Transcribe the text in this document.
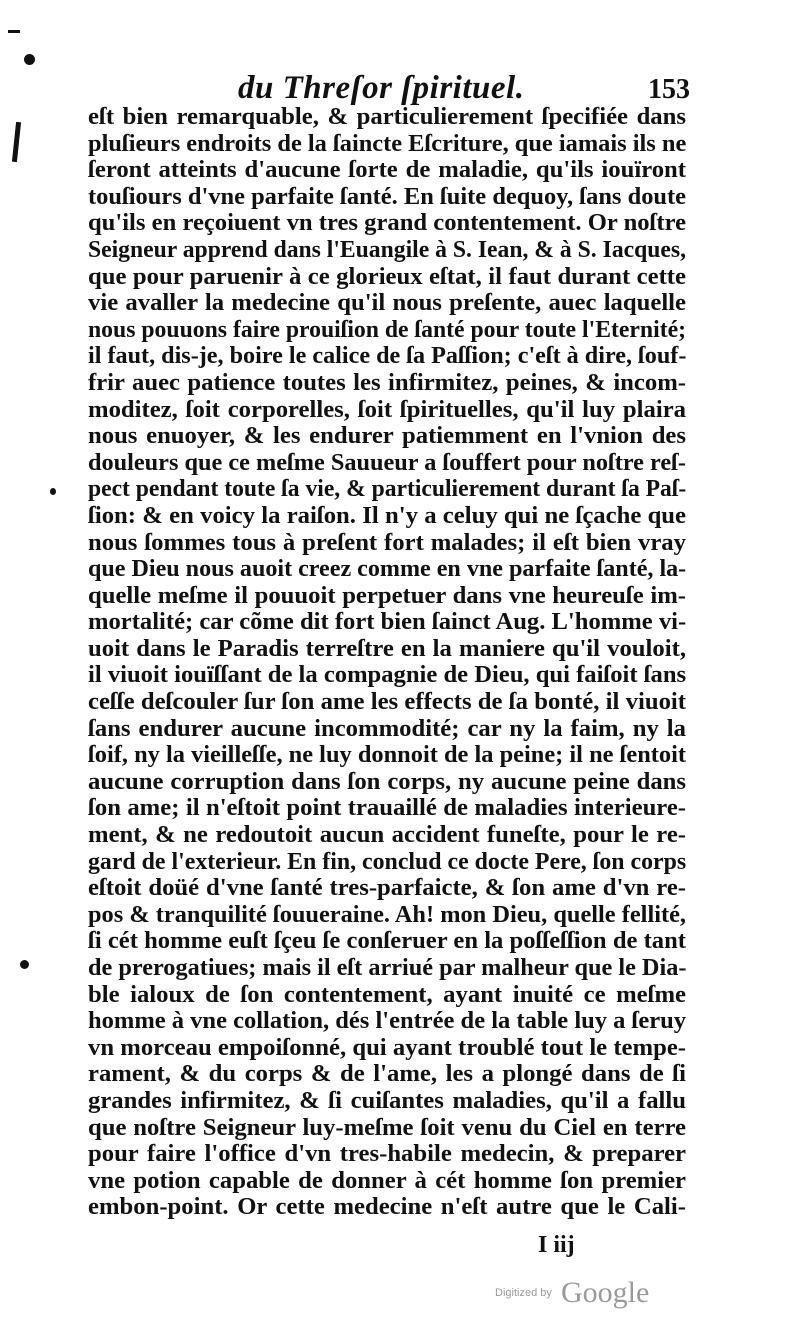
du Threſor ſpirituel.	153
eſt bien remarquable, & particulierement ſpecifiée dans
pluſieurs endroits de la ſaincte Eſcriture, que iamais ils ne
ſeront atteints d'aucune ſorte de maladie, qu'ils iouïront
touſiours d'vne parfaite ſanté. En ſuite dequoy, ſans doute
qu'ils en reçoiuent vn tres grand contentement. Or noſtre
Seigneur apprend dans l'Euangile à S. Iean, & à S. Iacques,
que pour paruenir à ce glorieux eſtat, il faut durant cette
vie avaller la medecine qu'il nous preſente, auec laquelle
nous pouuons faire prouiſion de ſanté pour toute l'Eternité;
il faut, dis-je, boire le calice de ſa Paſſion; c'eſt à dire, ſouf-
frir auec patience toutes les infirmitez, peines, & incom-
moditez, ſoit corporelles, ſoit ſpirituelles, qu'il luy plaira
nous enuoyer, & les endurer patiemment en l'vnion des
douleurs que ce meſme Sauueur a ſouffert pour noſtre reſ-
pect pendant toute ſa vie, & particulierement durant ſa Paſ-
ſion: & en voicy la raiſon. Il n'y a celuy qui ne ſçache que
nous ſommes tous à preſent fort malades; il eſt bien vray
que Dieu nous auoit creez comme en vne parfaite ſanté, la-
quelle meſme il pouuoit perpetuer dans vne heureuſe im-
mortalité; car cõme dit fort bien ſainct Aug. L'homme vi-
uoit dans le Paradis terreſtre en la maniere qu'il vouloit,
il viuoit iouïſſant de la compagnie de Dieu, qui faiſoit ſans
ceſſe deſcouler ſur ſon ame les effects de ſa bonté, il viuoit
ſans endurer aucune incommodité; car ny la faim, ny la
ſoif, ny la vieilleſſe, ne luy donnoit de la peine; il ne ſentoit
aucune corruption dans ſon corps, ny aucune peine dans
ſon ame; il n'eſtoit point trauaillé de maladies interieure-
ment, & ne redoutoit aucun accident funeſte, pour le re-
gard de l'exterieur. En fin, conclud ce docte Pere, ſon corps
eſtoit doüé d'vne ſanté tres-parfaicte, & ſon ame d'vn re-
pos & tranquilité ſouueraine. Ah! mon Dieu, quelle fellité,
ſi cét homme euſt ſçeu ſe conſeruer en la poſſeſſion de tant
de prerogatiues; mais il eſt arriué par malheur que le Dia-
ble ialoux de ſon contentement, ayant inuité ce meſme
homme à vne collation, dés l'entrée de la table luy a ſeruy
vn morceau empoiſonné, qui ayant troublé tout le tempe-
rament, & du corps & de l'ame, les a plongé dans de ſi
grandes infirmitez, & ſi cuiſantes maladies, qu'il a fallu
que noſtre Seigneur luy-meſme ſoit venu du Ciel en terre
pour faire l'office d'vn tres-habile medecin, & preparer
vne potion capable de donner à cét homme ſon premier
embon-point. Or cette medecine n'eſt autre que le Cali-
I iij
Digitized by Google
